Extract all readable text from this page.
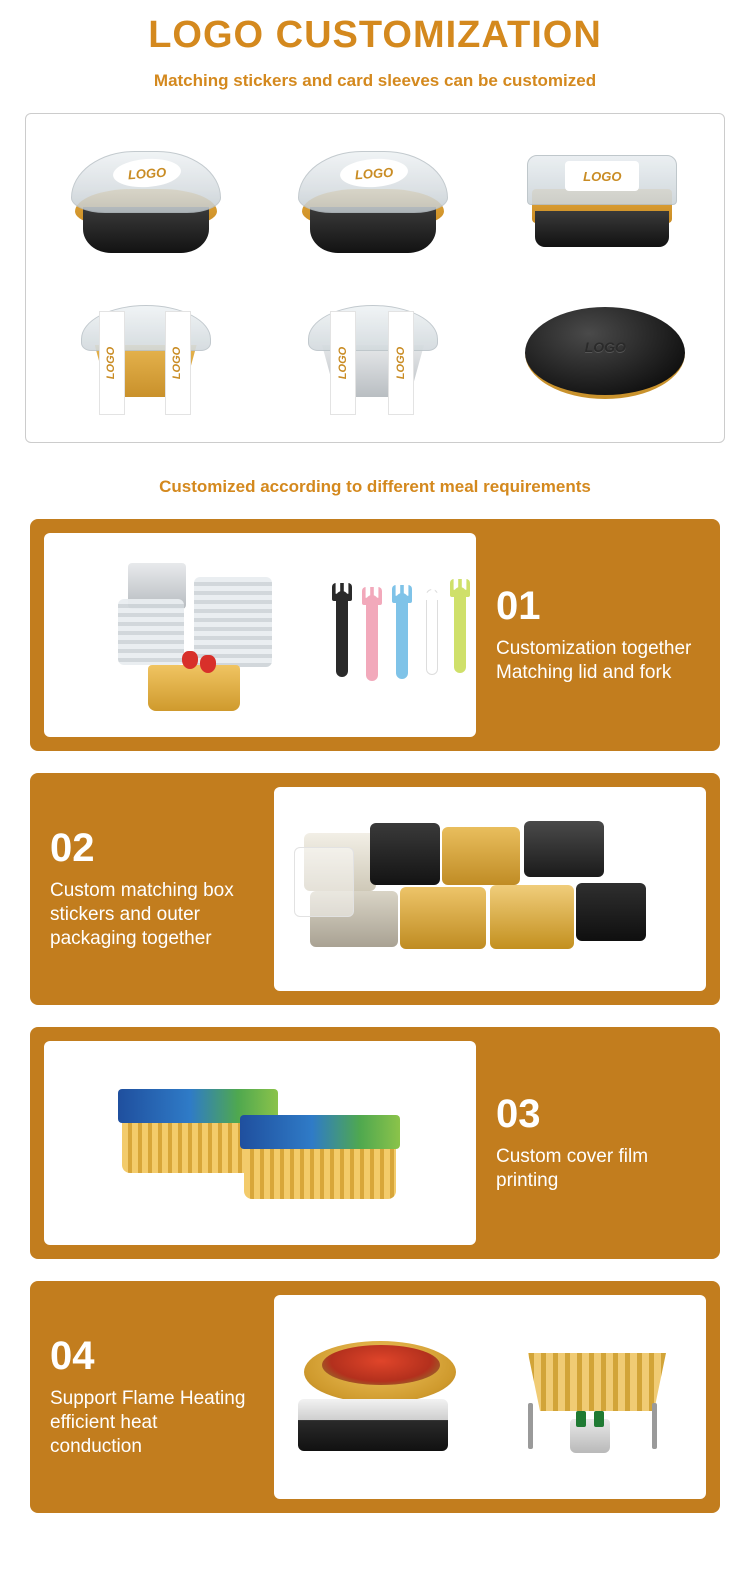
LOGO CUSTOMIZATION
Matching stickers and card sleeves can be customized
LOGO	LOGO	LOGO
LOGO	LOGO	LOGO	LOGO
LOGO
Customized according to different meal requirements
01
Customization together Matching lid and fork
02
Custom matching box stickers and outer packaging together
03
Custom cover film printing
04
Support Flame Heating efficient heat conduction
